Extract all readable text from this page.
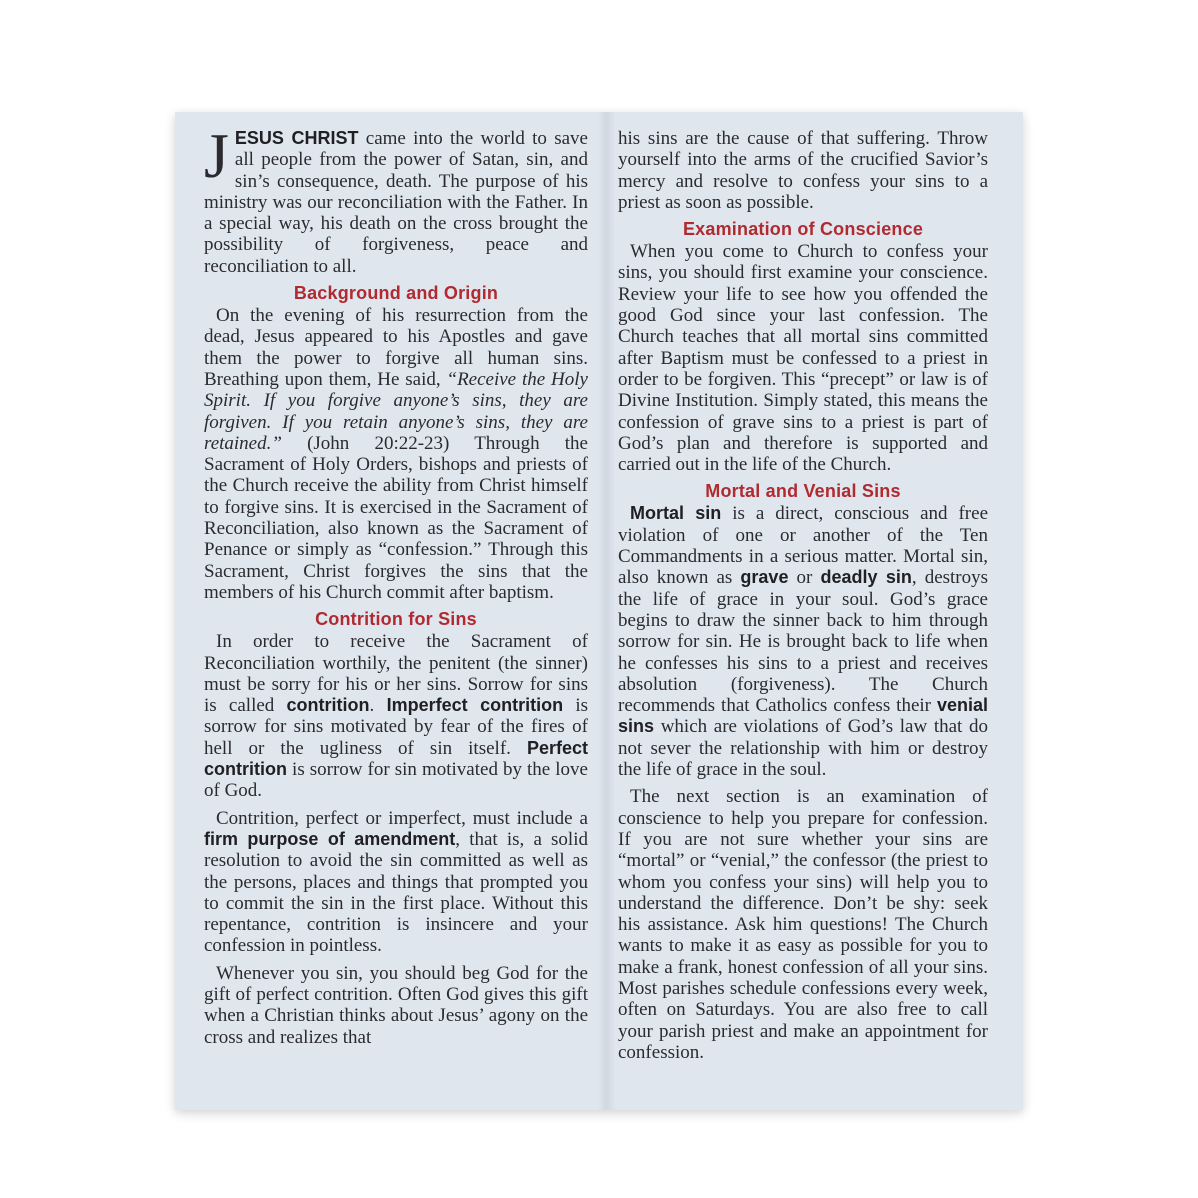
JESUS CHRIST came into the world to save all people from the power of Satan, sin, and sin’s consequence, death. The purpose of his ministry was our reconciliation with the Father. In a special way, his death on the cross brought the possibility of forgiveness, peace and reconciliation to all.

Background and Origin

On the evening of his resurrection from the dead, Jesus appeared to his Apostles and gave them the power to forgive all human sins. Breathing upon them, He said, “Receive the Holy Spirit. If you forgive anyone’s sins, they are forgiven. If you retain anyone’s sins, they are retained.” (John 20:22-23) Through the Sacrament of Holy Orders, bishops and priests of the Church receive the ability from Christ himself to forgive sins. It is exercised in the Sacrament of Reconciliation, also known as the Sacrament of Penance or simply as “confession.” Through this Sacrament, Christ forgives the sins that the members of his Church commit after baptism.

Contrition for Sins

In order to receive the Sacrament of Reconciliation worthily, the penitent (the sinner) must be sorry for his or her sins. Sorrow for sins is called contrition. Imperfect contrition is sorrow for sins motivated by fear of the fires of hell or the ugliness of sin itself. Perfect contrition is sorrow for sin motivated by the love of God.

Contrition, perfect or imperfect, must include a firm purpose of amendment, that is, a solid resolution to avoid the sin committed as well as the persons, places and things that prompted you to commit the sin in the first place. Without this repentance, contrition is insincere and your confession in pointless.

Whenever you sin, you should beg God for the gift of perfect contrition. Often God gives this gift when a Christian thinks about Jesus’ agony on the cross and realizes that

his sins are the cause of that suffering. Throw yourself into the arms of the crucified Savior’s mercy and resolve to confess your sins to a priest as soon as possible.

Examination of Conscience

When you come to Church to confess your sins, you should first examine your conscience. Review your life to see how you offended the good God since your last confession. The Church teaches that all mortal sins committed after Baptism must be confessed to a priest in order to be forgiven. This “precept” or law is of Divine Institution. Simply stated, this means the confession of grave sins to a priest is part of God’s plan and therefore is supported and carried out in the life of the Church.

Mortal and Venial Sins

Mortal sin is a direct, conscious and free violation of one or another of the Ten Commandments in a serious matter. Mortal sin, also known as grave or deadly sin, destroys the life of grace in your soul. God’s grace begins to draw the sinner back to him through sorrow for sin. He is brought back to life when he confesses his sins to a priest and receives absolution (forgiveness). The Church recommends that Catholics confess their venial sins which are violations of God’s law that do not sever the relationship with him or destroy the life of grace in the soul.

The next section is an examination of conscience to help you prepare for confession. If you are not sure whether your sins are “mortal” or “venial,” the confessor (the priest to whom you confess your sins) will help you to understand the difference. Don’t be shy: seek his assistance. Ask him questions! The Church wants to make it as easy as possible for you to make a frank, honest confession of all your sins. Most parishes schedule confessions every week, often on Saturdays. You are also free to call your parish priest and make an appointment for confession.
